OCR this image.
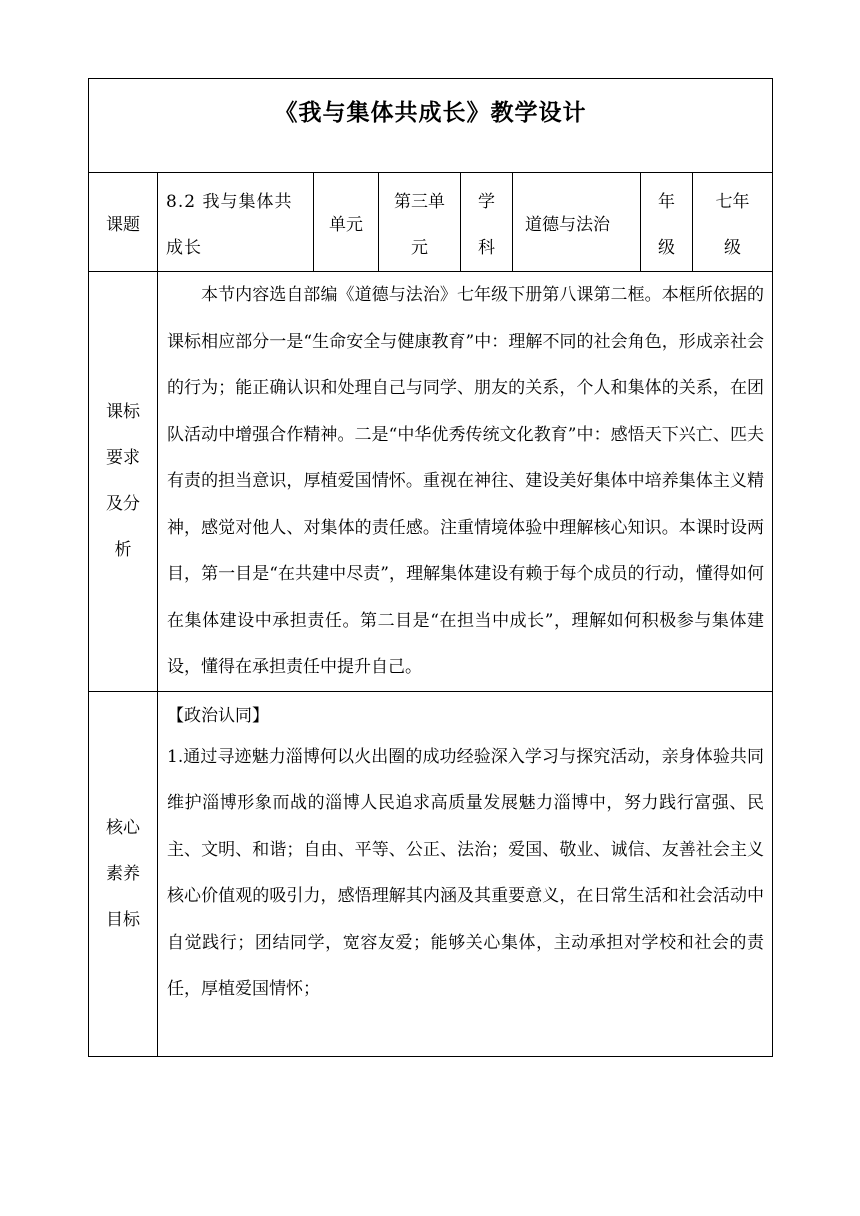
《我与集体共成长》教学设计							

课题	8.2 我与集体共成长	单元	第三单元	学科	道德与法治	年级	七年级

课标要求及分析	本节内容选自部编《道德与法治》七年级下册第八课第二框。本框所依据的课标相应部分一是“生命安全与健康教育”中：理解不同的社会角色，形成亲社会的行为；能正确认识和处理自己与同学、朋友的关系，个人和集体的关系，在团队活动中增强合作精神。二是“中华优秀传统文化教育”中：感悟天下兴亡、匹夫有责的担当意识，厚植爱国情怀。重视在神往、建设美好集体中培养集体主义精神，感觉对他人、对集体的责任感。注重情境体验中理解核心知识。本课时设两目，第一目是“在共建中尽责”，理解集体建设有赖于每个成员的行动，懂得如何在集体建设中承担责任。第二目是“在担当中成长”，理解如何积极参与集体建设，懂得在承担责任中提升自己。						

核心素养目标	【政治认同】
1.通过寻迹魅力淄博何以火出圈的成功经验深入学习与探究活动，亲身体验共同维护淄博形象而战的淄博人民追求高质量发展魅力淄博中，努力践行富强、民主、文明、和谐；自由、平等、公正、法治；爱国、敬业、诚信、友善社会主义核心价值观的吸引力，感悟理解其内涵及其重要意义，在日常生活和社会活动中自觉践行；团结同学，宽容友爱；能够关心集体，主动承担对学校和社会的责任，厚植爱国情怀；						
